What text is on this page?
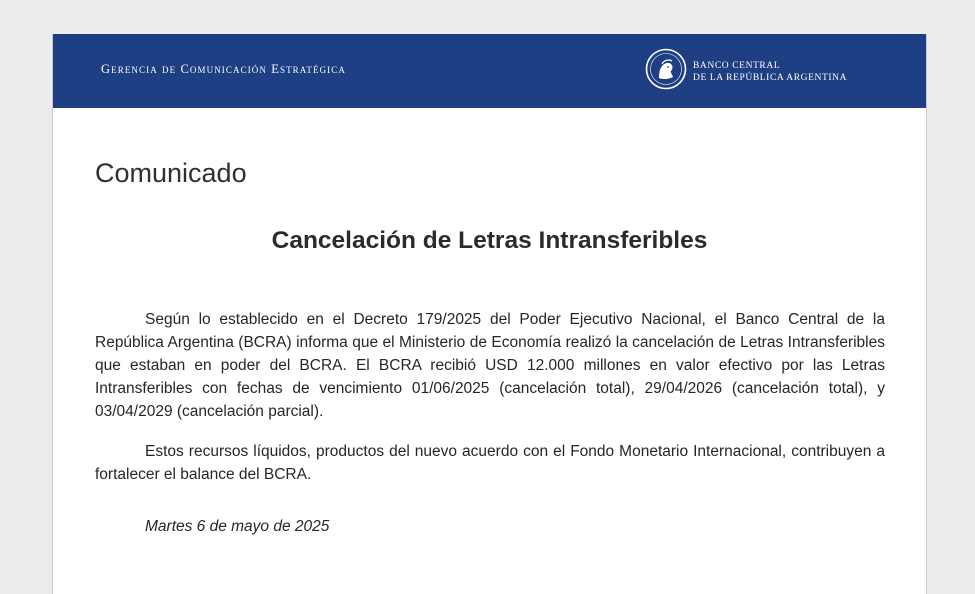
Gerencia de Comunicación Estratégica	BANCO CENTRAL
DE LA REPÚBLICA ARGENTINA
Comunicado
Cancelación de Letras Intransferibles

Según lo establecido en el Decreto 179/2025 del Poder Ejecutivo Nacional, el Banco Central de la República Argentina (BCRA) informa que el Ministerio de Economía realizó la cancelación de Letras Intransferibles que estaban en poder del BCRA. El BCRA recibió USD 12.000 millones en valor efectivo por las Letras Intransferibles con fechas de vencimiento 01/06/2025 (cancelación total), 29/04/2026 (cancelación total), y 03/04/2029 (cancelación parcial).

Estos recursos líquidos, productos del nuevo acuerdo con el Fondo Monetario Internacional, contribuyen a fortalecer el balance del BCRA.

Martes 6 de mayo de 2025
